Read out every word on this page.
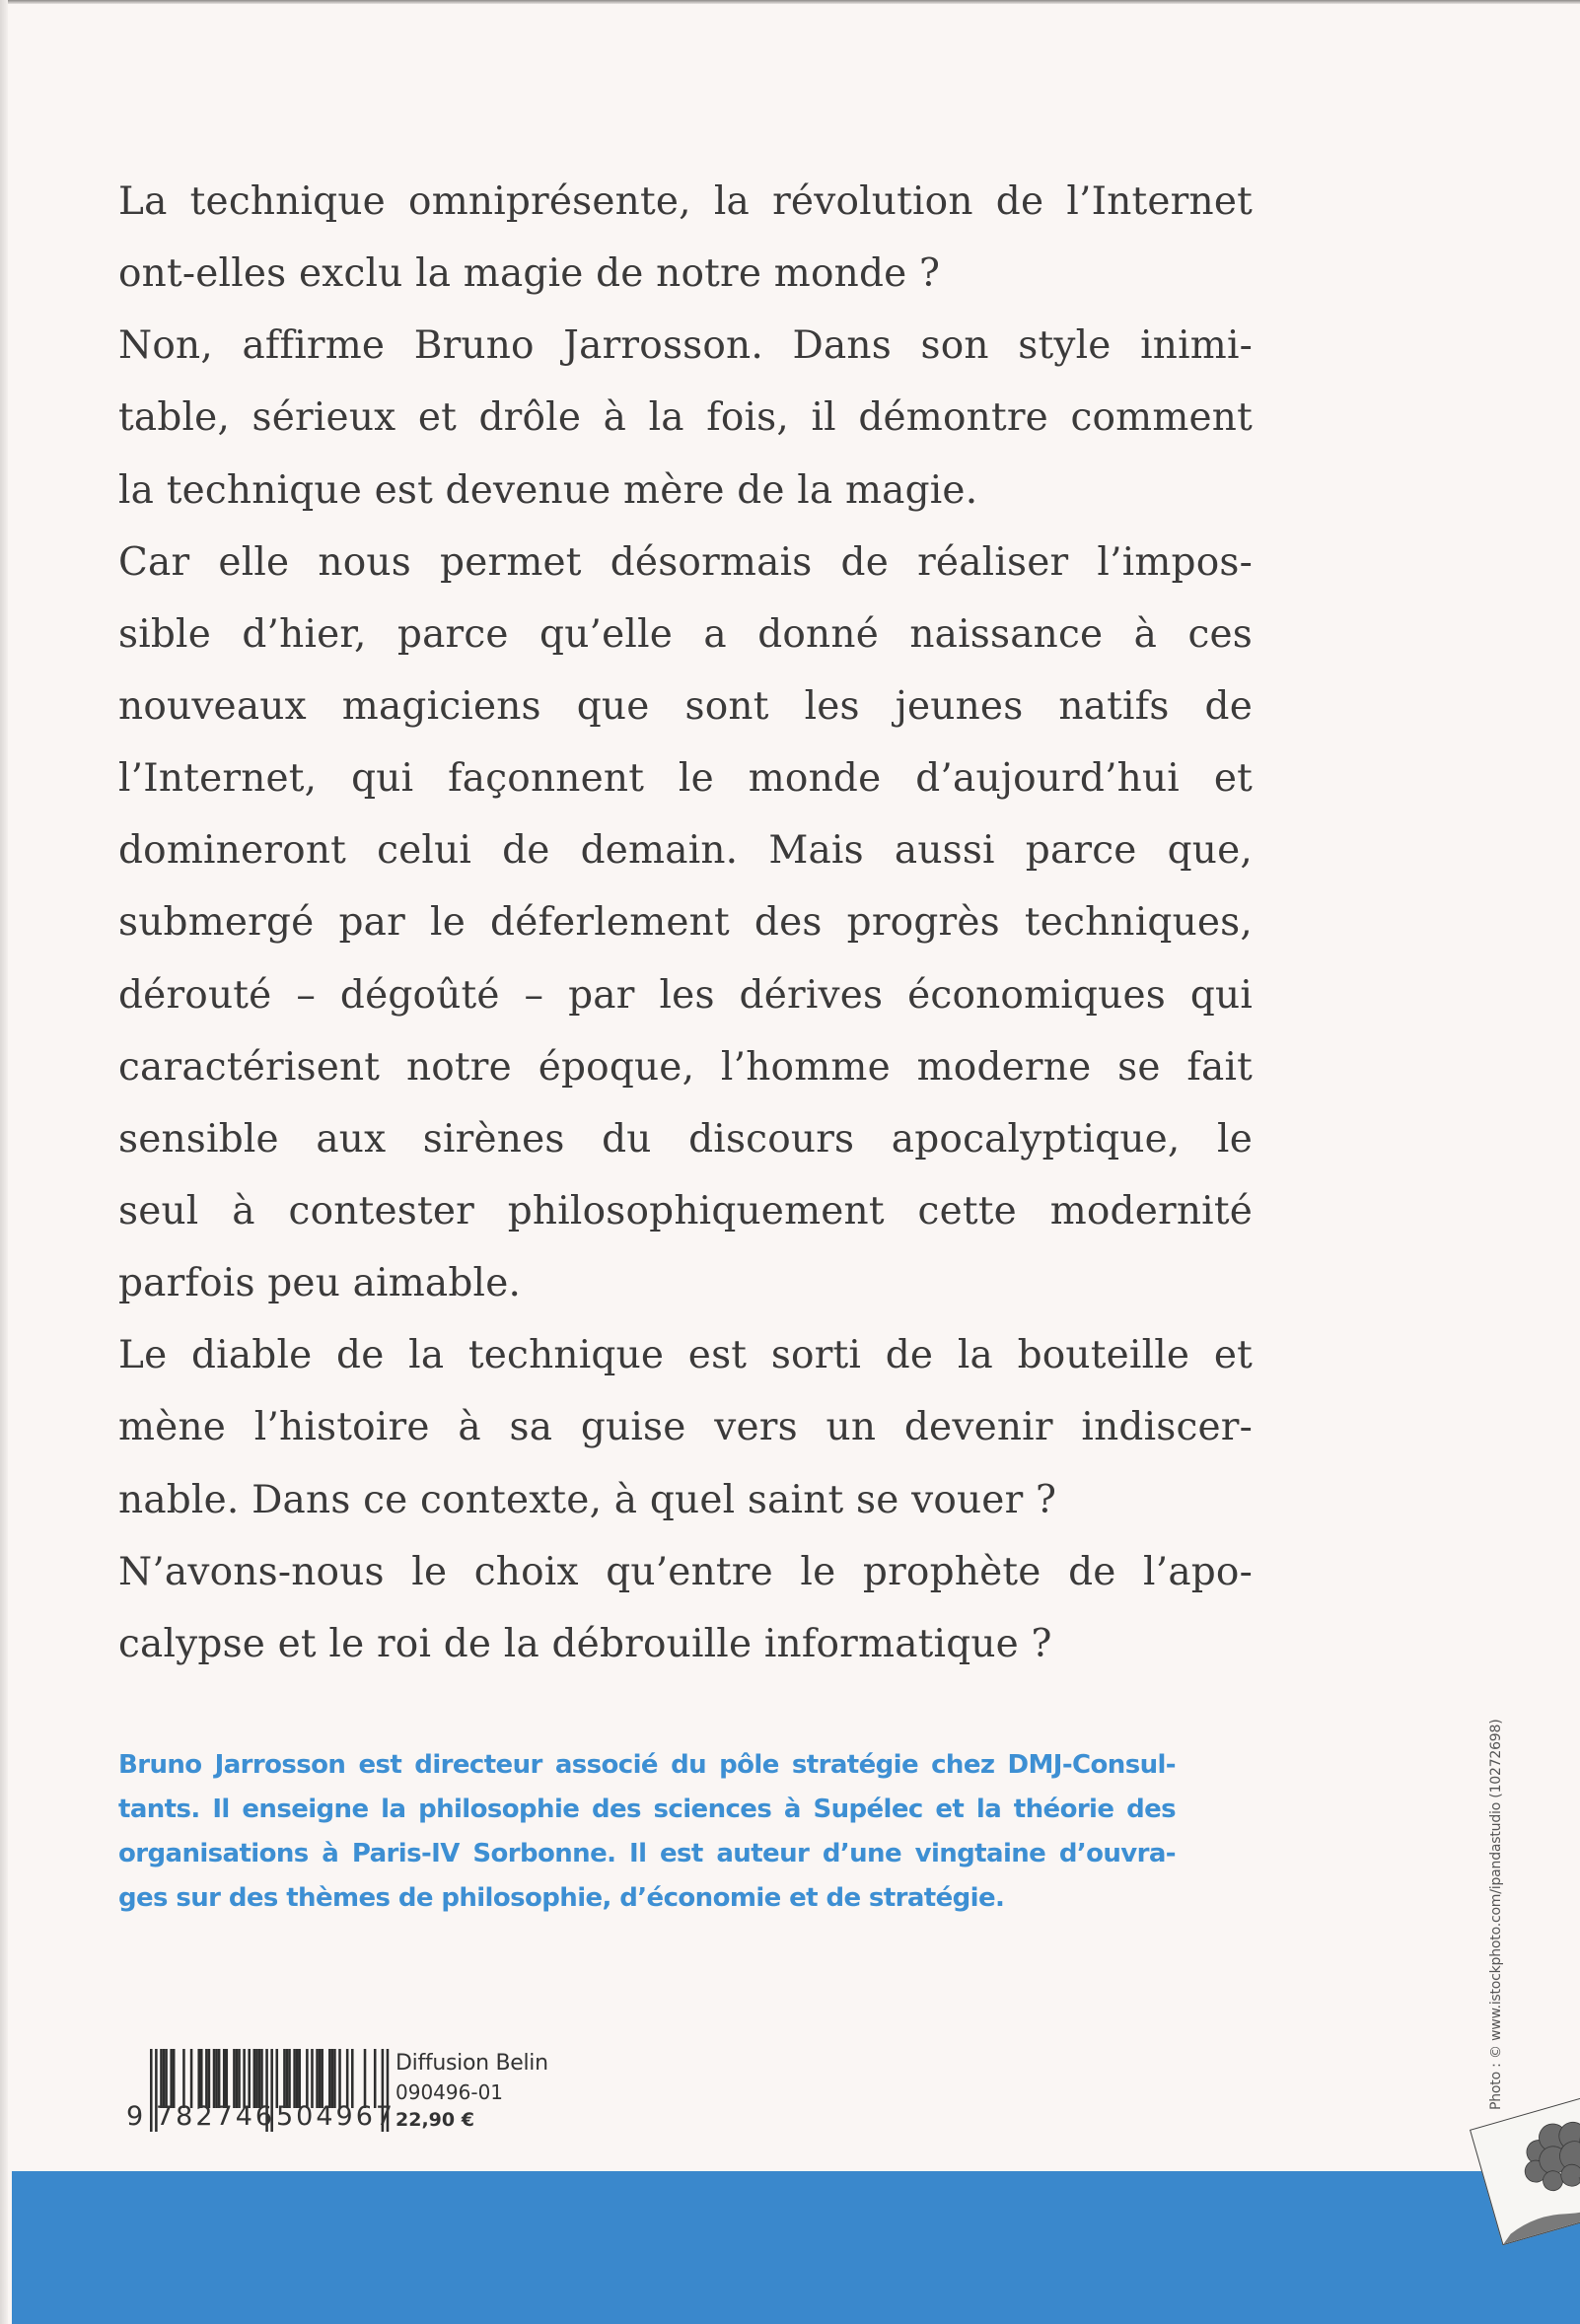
La technique omniprésente, la révolution de l’Internet
ont-elles exclu la magie de notre monde ?
Non, affirme Bruno Jarrosson. Dans son style inimi-
table, sérieux et drôle à la fois, il démontre comment
la technique est devenue mère de la magie.
Car elle nous permet désormais de réaliser l’impos-
sible d’hier, parce qu’elle a donné naissance à ces
nouveaux magiciens que sont les jeunes natifs de
l’Internet, qui façonnent le monde d’aujourd’hui et
domineront celui de demain. Mais aussi parce que,
submergé par le déferlement des progrès techniques,
dérouté – dégoûté – par les dérives économiques qui
caractérisent notre époque, l’homme moderne se fait
sensible aux sirènes du discours apocalyptique, le
seul à contester philosophiquement cette modernité
parfois peu aimable.
Le diable de la technique est sorti de la bouteille et
mène l’histoire à sa guise vers un devenir indiscer-
nable. Dans ce contexte, à quel saint se vouer ?
N’avons-nous le choix qu’entre le prophète de l’apo-
calypse et le roi de la débrouille informatique ?
Bruno Jarrosson est directeur associé du pôle stratégie chez DMJ-Consul-
tants. Il enseigne la philosophie des sciences à Supélec et la théorie des
organisations à Paris-IV Sorbonne. Il est auteur d’une vingtaine d’ouvra-
ges sur des thèmes de philosophie, d’économie et de stratégie.
9 782746 504967
Diffusion Belin
090496-01
22,90 €
Photo : © www.istockphoto.com/ipandastudio (10272698)
